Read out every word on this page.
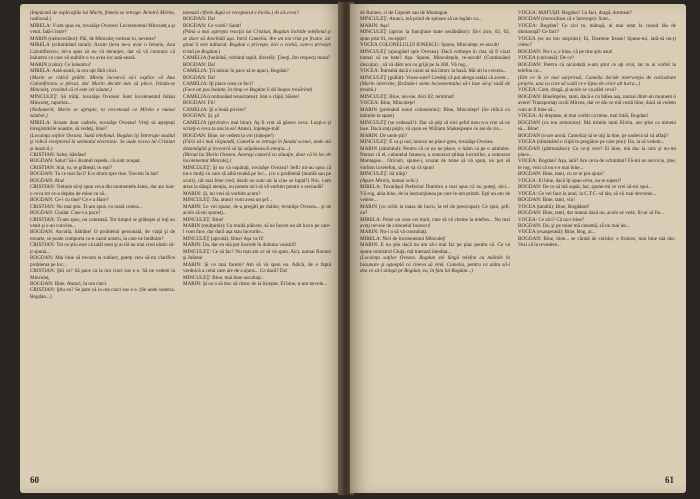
(Impăcată de explicaţiile lui Marin, femeia se retrage. Reintră Mirela, radioasă.)

MIRELA: V-am spus eu, tovarăşe Ovezea! Locotenentul Minculeţ a şi venit. Iată-l intre?

MARIN (neîncrezător): Păi, de Minculeţ vorbeai tu, neveste?

MIRELA (schimbând tonul): Acum (leva ne-a avut o femeie, Ana Calomfirescu, mi-a spus să nu vă deranjez, dar să vă comunic că înăuntru ce care vă stabilit-o va avea loc astă-seară.

MARIN (calm): Ce înăuntru?

MIRELA: Astă-seară, la ora opt fără cinci.

(Marin se ridică grăbit. Mirela încearcă să-l explice că Ana Calomfirescu a plecat, dar Marin decide iute să plece. Ivindu-se Minculeţ, crezând că el este cel căutat.)

MINCULEŢ: Să trăiţi, tovarăşe Ovezea! Sunt locotenentul Iulian Minculeţ, raportez...

(Nedumerit, Marin se apropie, tu cercetează ce Mirela e numai zâmbet.)

MIRELA: Scoate doar cadrele, tovarăşe Ovezea! Vreţi să aşteptaţi înregistrările noastre, să vedeţi, bine?

(Locuinţa soţilor Ovezea. Sună telefonul. Bogdan îşi întrerupe studiul şi ridică receptorul la semnalul electronic. Se aude vocea lui Cristian şi muzică.)

CRISTIAN: Salut, bătrâne!

BOGDAN: Salut! Să-i drumul repede, că sunt ocupat.

CRISTIAN: Stai, tu, te grăbeşti, tu eşti?

BOGDAN: Tu ce mai faci? E-n drum spre tine. Trecem în bar!

BOGDAN: Aha!

CRISTIAN: Trebuie să-ţi spun ceva din momentele ăstea, dar am luat-o ceva tot ce-a depins de mine cu să...

BOGDAN: Ce-i cu tine? Ce e a Hare?

CRISTIAN: Nu mai ştiu. Ti-am spus, cu toată contra...

BOGDAN: Ciudat. Cine-l a pace?

CRISTIAN: Ti-am spus, nu contează. Tot timpul se grăbeşte şi toţi au venit şi s-au convins...

BOGDAN: Ascultă, bătrâne! O problemă personală, de viaţă şi de moarte, se poate comporta ca-n cazul nostru, la care ne întâlnim?

CRISTIAN: Tot ce ştiu este că tatăl meu şi ai tăi nu mai cred nimic să-ţi spună...

BOGDAN: Mai bine să trecem la subiect, puteţi veni să-mi clarifice problema pe loc...

CRISTIAN: Ştii ce? Să pace ca la ora cinci sus e e. Să ne vedem la Minculeţ.

BOGDAN: Bine. Atunci, la ora cinci.

CRISTIAN: Ştiu eu? Se pare că la ora cinci sus e e. (Se aude soneria. Bogdan...)

tunează cifrele după ce receptorul e închis.) Ai zis ceva?

BOGDAN: Da!

BOGDAN: Ce vorbi? Salut!

(Până a mai aşterpta reacţia lui Cristian, Bogdan închide telefonul şi se duce să deschidă uşa. Intră Camelia. Are un ton trist pe frunte, iar ginul îi este tulburat. Bogdan o priveşte, nici o vorbă, care-o priveşte tristă pe Bogdan.)

CAMELIA (hotărâtă, vorbind rapid, directă): Ţineţi, îmi respecţi masa?

BOGDAN: Da!

CAMELIA: Ţii măcar în pace să te apuci, Bogdan?

BOGDAN: Da!

CAMELIA: Iţi place ceea ce faci?

(Face un pas înainte, în timp ce Bogdan îi dă înapoi tresărind)

CAMELIA (continuând tenacitatea): Stai o clipă, băiete!

BOGDAN: Fii!

CAMELIA: Şi o bună privire?

BOGDAN: Şi, şi!

CAMELIA (privind-o mai bine): Aş fi vrut să găsesc ceva. Luaţi-o şi scrieţi-o ceva la nas la ea! Atunci, înţelege-mă!

BOGDAN: Bine, ne vedem la voi (iubeşte!)

(Fără să-i mai răspundă, Camelia se retrage în fundul scenei, unde stă dezamăgită şi încearcă să îşi stăpânească emoţia...)

(Biroul lui Marin Ovezea. Aceeaşi cameră cu situaţie, doar că în loc de locotenentul Minculeţ.)

MINCULEŢ: Şi nu vă supăraţi, tovarăşe Ovezea? Sefii mi-au spus că nu-s mulţi cu care să aibă treabă pe loc... (cu o problemă (inutilă sau pe scurt), cât mai bine cred, decât nu sunt uit la cine se luptă?) Noi, i-am atras la dânşii atenţia, nu putem nici să vă vorbim pentru o secundă?

MARIN: Şi, nu vrei să vorbim acum?

MINCULEŢ: Da, atunci vom avea un şef...

MARIN: Le voi spune, de-a pregăti pe mâine, tovarăşe Ovezea... şi de acolo să-mi spuneţi...

MINCULEŢ: Bine!

MARIN (mulţumit): Cu multă plăcere, să ne facem un alt lucru pe care-l vom face, dar dacă aşa stau lucrurile...

MINCULEŢ (aprobă): Bine! Aşa va fi!

MARIN: Da, dar eu mă pot încrede în domnia voastră?

MINCULEŢ: Ce să fac? Nu mai am ce să vă spun. Aici, numai Romeo şi Julieta!

MARIN: Şi ce mai facem? Am să vă spun eu. Adică, de o faptă vrednică a celui care are de a ajuns... Ce dacă? Da!

MINCULEŢ: Bine, mai bine ascultaţi...

MARIN: Şi eu o să trec să citesc de la început. El bine, n-am nevoie...

60

de Romeo, ci de Capulet sau de Montague.

MINCULEŢ: Atunci, mă prind de spinare să ne legăm cu...

MARIN: Aşa!

MINCULEŢ (aprins la funcţiune state nerăbdător): Să-i zice, 02, 02, spun prin 01, recepţie!

VOCEA COLONELULUI IONESCU: Spune, Minculeţe, te-ascult!

MINCULEŢ (ajungând spre Ovezea): Dacă vorbeşte în clar, să fi vizat numai că ne bate? Aşa. Spune, Minculeţule, te-ascult! (Continuând discuţia) ...să vă dăm noi cu grijă pe la 300. Vă rog...

VOCEA: Întreabă dacă e cazul să mă întorc la bază. Mă uit la cerceta...

MINCULEŢ (grăbit): Vreau sunt? Credeţi că pot alerga astăzi că avem...

(Marin intervine, făcându-i semn locotenentului să-i lase să-şi vadă de treabă.)

MINCULEŢ: Bine, nevoie. Aici 02, terminat!

VOCEA: Bine, Minculeţe!

MARIN (preluând tonul colonelului): Bine, Minculeţe! (Se ridică cu mâinile la spate)

MINCULEŢ (se codează?): Dar să ştiţi că nici şeful meu n-a vrut să ne lase. Dacă staţi puţin, vă spun eu William Shakespeare ce are de zis...

MARIN: De unde ştii?

MINCULEŢ: E ca şi noi, tuturor ne place greu, tovarăşe Ovezea.

MARIN (zâmbind): Pentru că ce nu ne place, o luăm ca pe o amintire. Numai că el, colonelul Ionescu, a cunoscut ştiinţa lucrurilor, a cunoscut Montague... Oricum, spune-i, scuzat de mine să vă spun, nu pot să vorbim la telefon, să cer să vă spun!

MINCULEŢ: Să trăiţi!

(Apare Mirela, numai ochi.)

MIRELA: Tovarăşul Prefectul Dumitru a mai spus că nu puteţi, nici... Vă rog, abia bine, de la instrucţiunea pe care le-am primit. Eşti un om de vedere...

MARIN (cu ochii la masa de lucru, la tel de preocupat): Ce spui, şefi, nu?

MIRELA: Peste un ceas cel mult, cine să vă cheme la telefon... Nu mai aveţi nevoie de colonelul Ionescu!

MARIN: Nu-i o să vă consultaţi.

MIRELA: Nici de locotenentul Minculeţ!

MARIN: E nu ştiu dacă nu am să-i mai fac pe plac pentru că. Ce va spune ministrul Ghiţă, mă tratează imediat...

(Locuinţa soţilor Ovezea. Bogdan stă lângă telefon cu mâinile în buzunare şi aşteaptă ca cineva să vină. Camelia, pentru ca atâta să-i dea ce să-l atingă pe Bogdan, ea, în fata lui Bogdan...)

VOCEA: MATUŞII: Bogdan? Ce faci, dragă, dormeai?

BOGDAN (morocănos că e întrerupt): Sunt...

VOCEA: Bogdan? Ce zici tu, mătuşă, ai mai uitat la ceasul tău de dimineaţă? Ce faci?

VOCEA (se un ton surprins): Ei, Doamne Iisuse! Spune-mi, iată-să nu-ţi citesc?

BOGDAN: Nu-i a, e bine, că pe tine ştiu asta!

VOCEA (curioasă): De ce?

BOGDAN: Pentru că niciodată n-am ştiut ce aţi vrut, iar tu ai vorbit la telefon cu...

(Din ce în ce mai surprinsă, Camelia decide intervenţia de curiozitate proprie, una cu care să vadă ce e lipsa de orice alt lucru...)

VOCEA: Cum, dragă, şi-acolo se va plăti ceva?

BOGDAN: Bineînţeles, tanti, dacă e cu bâlea asa, numai dintr-un moment o avere! Transportaţi ocoli Mircea, dar ce din ce mă costă bine, dacă să vedem cum ar fi bine să...

VOCEA: Ai dreptate, ai mai vorbit ca mine, mai întâi, Bogdan!

BOGDAN (cu ton armonios): Mă trimite tanti Elvira, am ştiut ca nimeni să... Bine!

BOGDAN (n-are armă, Camelia) să te uiţi la tine, pe undeva să vă aflaţi?

VOCEA (rămânând o clipă în pregătire pe care ştiu): Da, ia să vedem...

BOGDAN (pătrunzător): Cu ce-ţi cere? Ei bine, mă duc la curs şi nu-mi place...

VOCEA: Bogdan? Aşa, iată? Are ceva de schimbat? Fă-mi un serviciu, ţine, te rog, vezi că nu e e mai bine...

BOGDAN: Bine, tanti, cu ce te pot ajuta?

VOCEA: Ei bine, dacă îţi spun ceva, nu te superi?

BOGDAN: De ce să mă supăr, hai, spune-mi ce vrei să-mi spui...

VOCEA: Ce vei face la anul, la C.T.C.-ul tău, să vii mai devreme...

BOGDAN: Bine, tanti, vin!

VOCEA (tandră): Bine, Bogdănel!

BOGDAN: Bine, tanti, dar numai dacă nu, acolo se vede, fir-ar să fie...

VOCEA: Ce zici? Că nu-i bine?

BOGDAN: Da, şi pe mine mă cheamă, să nu mai ies...

VOCEA (exasperată): Bine, Bog, ai...

BOGDAN: Bine, bine... se cărată de coridor, e frumos, mai bine mă duc. Vezi că la revedere...

61
